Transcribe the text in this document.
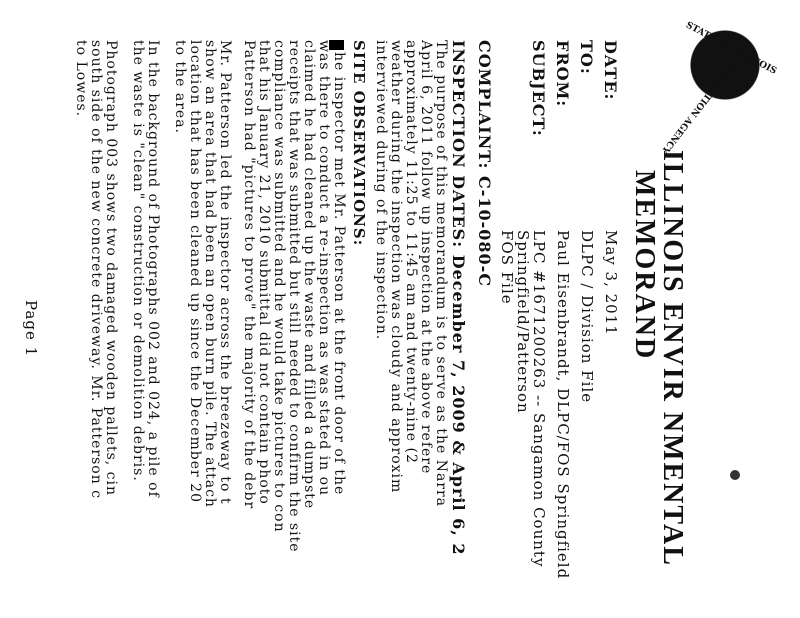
STATE OF ILLINOIS
PROTECTION AGENCY
ILLINOIS ENVIR NMENTAL
MEMORAND
DATE:
May 3, 2011
TO:
DLPC / Division File
FROM:
Paul Eisenbrandt, DLPC/FOS Springfield
SUBJECT:
LPC #1671200263 -- Sangamon County
Springfield/Patterson
FOS File
COMPLAINT: C-10-080-C
INSPECTION DATES: December 7, 2009 & April 6, 2
The purpose of this memorandum is to serve as the Narra
April 6, 2011 follow up inspection at the above refere
approximately 11:25 to 11:45 am and twenty-nine (2
weather during the inspection was cloudy and approxim
interviewed during of the inspection.
SITE OBSERVATIONS:
he inspector met Mr. Patterson at the front door of the
was there to conduct a re-inspection as was stated in ou
claimed he had cleaned up the waste and filled a dumpste
receipts that was submitted but still needed to confirm the site
compliance was submitted and he would take pictures to con
that his January 21, 2010 submittal did not contain photo
Patterson had "pictures to prove" the majority of the debr
Mr. Patterson led the inspector across the breezeway to t
show an area that had been an open burn pile. The attach
location that has been cleaned up since the December 20
to the area.
In the background of Photographs 002 and 024, a pile of
the waste is "clean" construction or demolition debris.
Photograph 003 shows two damaged wooden pallets, cin
south side of the new concrete driveway. Mr. Patterson c
to Lowes.
Page 1
